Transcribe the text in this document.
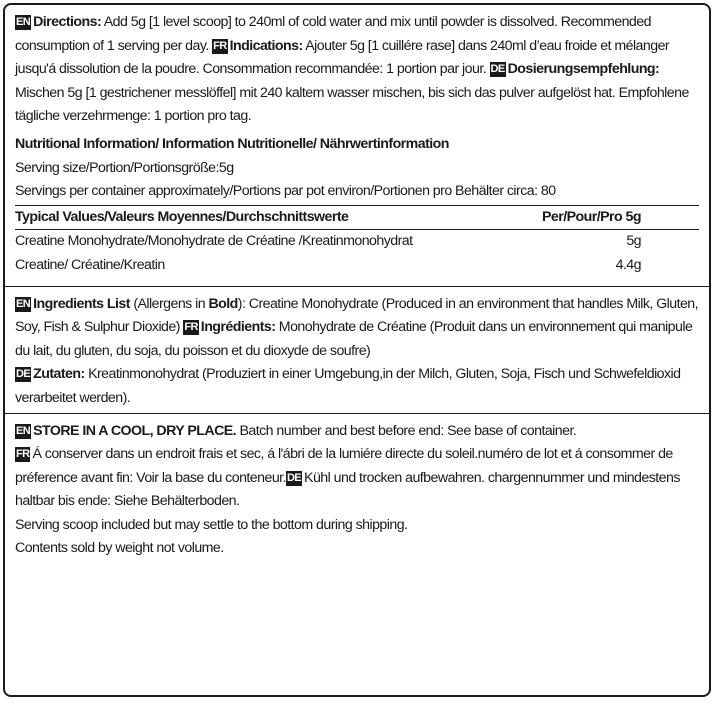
EN Directions: Add 5g [1 level scoop] to 240ml of cold water and mix until powder is dissolved. Recommended consumption of 1 serving per day. FR Indications: Ajouter 5g [1 cuillére rase] dans 240ml d’eau froide et mélanger jusqu'á dissolution de la poudre. Consommation recommandée: 1 portion par jour. DE Dosierungsempfehlung: Mischen 5g [1 gestrichener messlöffel] mit 240 kaltem wasser mischen, bis sich das pulver aufgelöst hat. Empfohlene tägliche verzehrmenge: 1 portion pro tag.

Nutritional Information/ Information Nutritionelle/ Nährwertinformation
Serving size/Portion/Portionsgröße:5g
Servings per container approximately/Portions par pot environ/Portionen pro Behälter circa: 80
Typical Values/Valeurs Moyennes/Durchschnittswerte	Per/Pour/Pro 5g
Creatine Monohydrate/Monohydrate de Créatine /Kreatinmonohydrat	5g
Creatine/ Créatine/Kreatin	4.4g

EN Ingredients List (Allergens in Bold): Creatine Monohydrate (Produced in an environment that handles Milk, Gluten, Soy, Fish & Sulphur Dioxide) FR Ingrédients: Monohydrate de Créatine (Produit dans un environnement qui manipule du lait, du gluten, du soja, du poisson et du dioxyde de soufre)

DE Zutaten: Kreatinmonohydrat (Produziert in einer Umgebung,in der Milch, Gluten, Soja, Fisch und Schwefeldioxid verarbeitet werden).

EN STORE IN A COOL, DRY PLACE. Batch number and best before end: See base of container.

FR Á conserver dans un endroit frais et sec, á l'ábri de la lumiére directe du soleil.numéro de lot et á consommer de préference avant fin: Voir la base du conteneur.DE Kühl und trocken aufbewahren. chargennummer und mindestens haltbar bis ende: Siehe Behälterboden.

Serving scoop included but may settle to the bottom during shipping.
Contents sold by weight not volume.
